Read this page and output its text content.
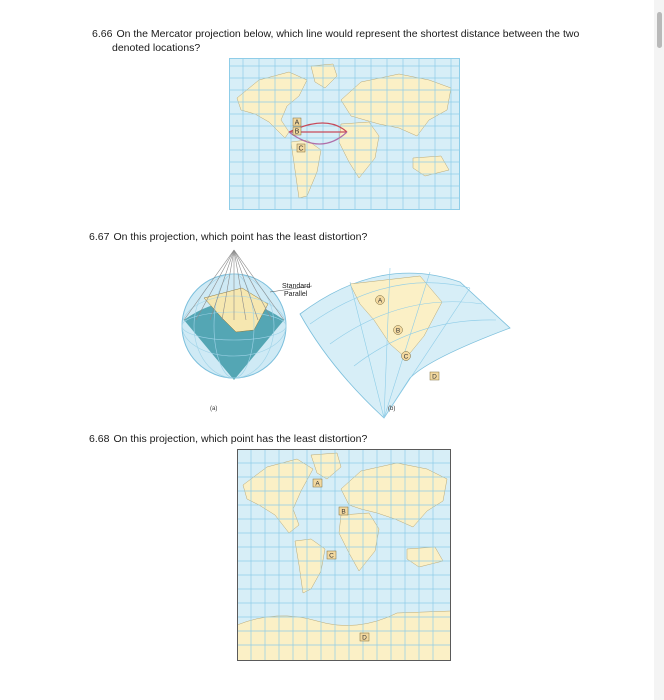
6.66 On the Mercator projection below, which line would represent the shortest distance between the two
denoted locations?
A
B
C
6.67 On this projection, which point has the least distortion?
Standard
Parallel
(a)
A
B
C
D
(b)
6.68 On this projection, which point has the least distortion?
A
B
C
D
